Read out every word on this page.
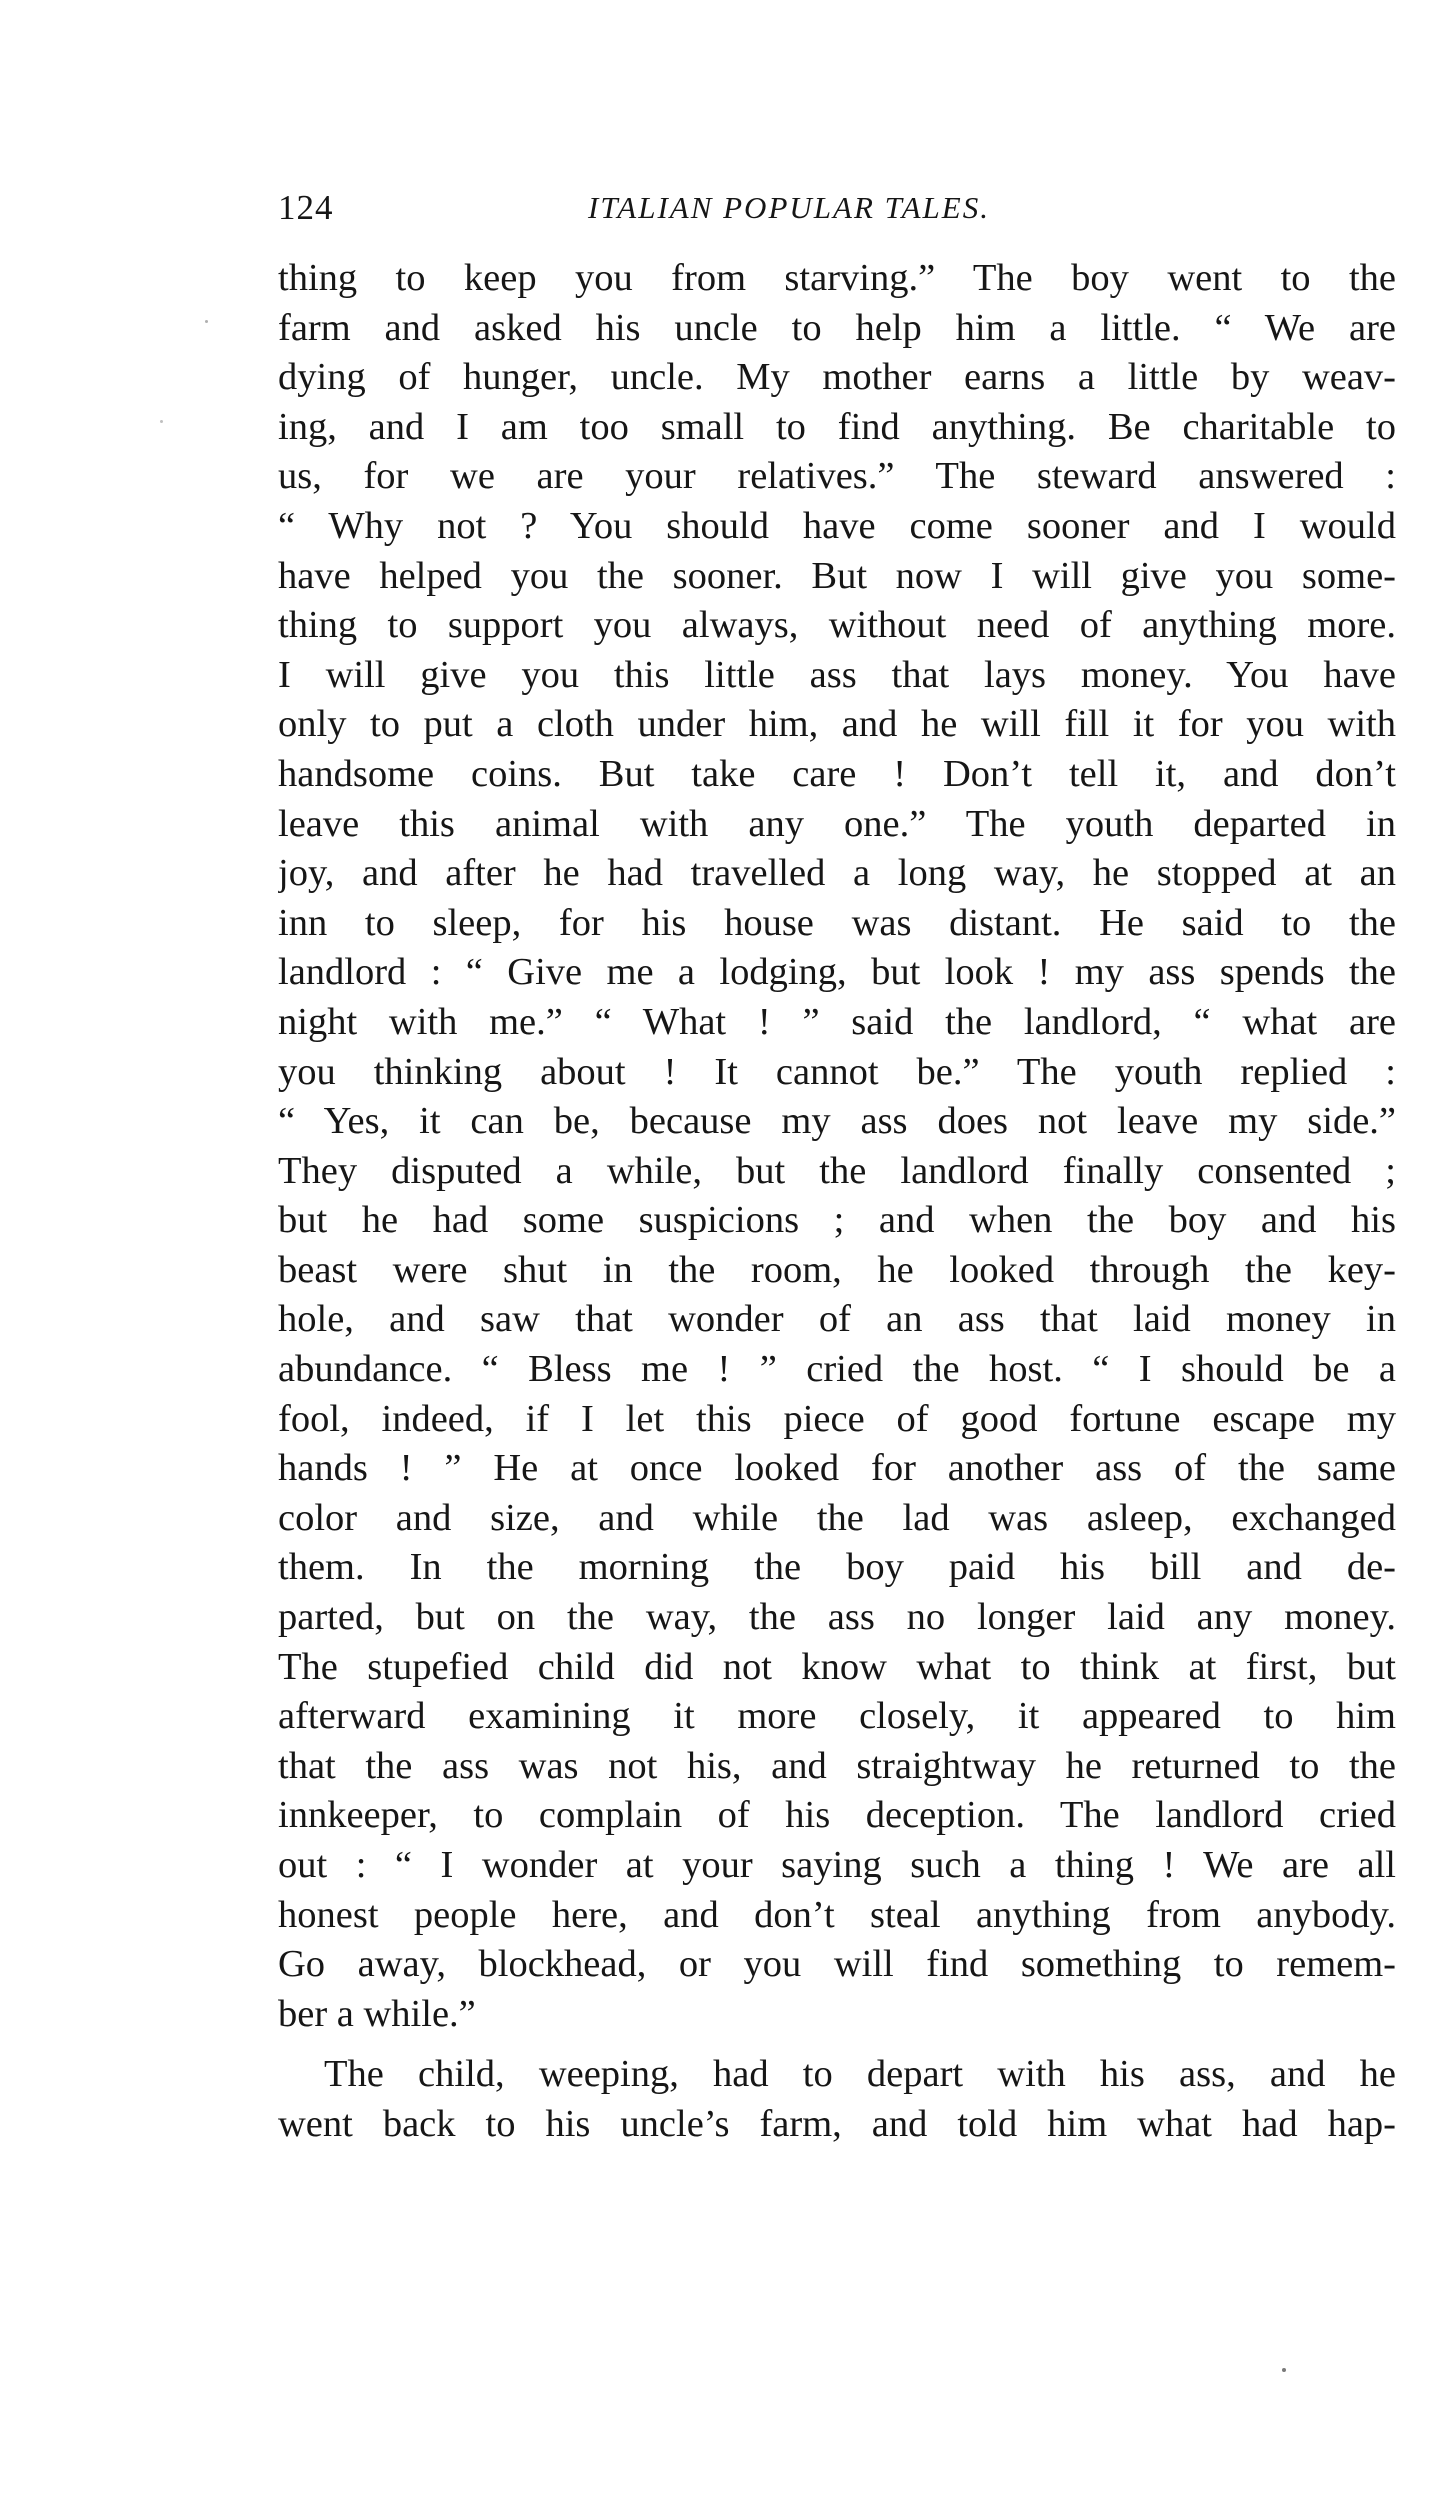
124	ITALIAN POPULAR TALES.
thing to keep you from starving.” The boy went to the
farm and asked his uncle to help him a little. “ We are
dying of hunger, uncle. My mother earns a little by weav-
ing, and I am too small to find anything. Be charitable to
us, for we are your relatives.” The steward answered :
“ Why not ? You should have come sooner and I would
have helped you the sooner. But now I will give you some-
thing to support you always, without need of anything more.
I will give you this little ass that lays money. You have
only to put a cloth under him, and he will fill it for you with
handsome coins. But take care ! Don’t tell it, and don’t
leave this animal with any one.” The youth departed in
joy, and after he had travelled a long way, he stopped at an
inn to sleep, for his house was distant. He said to the
landlord : “ Give me a lodging, but look ! my ass spends the
night with me.” “ What ! ” said the landlord, “ what are
you thinking about ! It cannot be.” The youth replied :
“ Yes, it can be, because my ass does not leave my side.”
They disputed a while, but the landlord finally consented ;
but he had some suspicions ; and when the boy and his
beast were shut in the room, he looked through the key-
hole, and saw that wonder of an ass that laid money in
abundance. “ Bless me ! ” cried the host. “ I should be a
fool, indeed, if I let this piece of good fortune escape my
hands ! ” He at once looked for another ass of the same
color and size, and while the lad was asleep, exchanged
them. In the morning the boy paid his bill and de-
parted, but on the way, the ass no longer laid any money.
The stupefied child did not know what to think at first, but
afterward examining it more closely, it appeared to him
that the ass was not his, and straightway he returned to the
innkeeper, to complain of his deception. The landlord cried
out : “ I wonder at your saying such a thing ! We are all
honest people here, and don’t steal anything from anybody.
Go away, blockhead, or you will find something to remem-
ber a while.”
The child, weeping, had to depart with his ass, and he
went back to his uncle’s farm, and told him what had hap-
